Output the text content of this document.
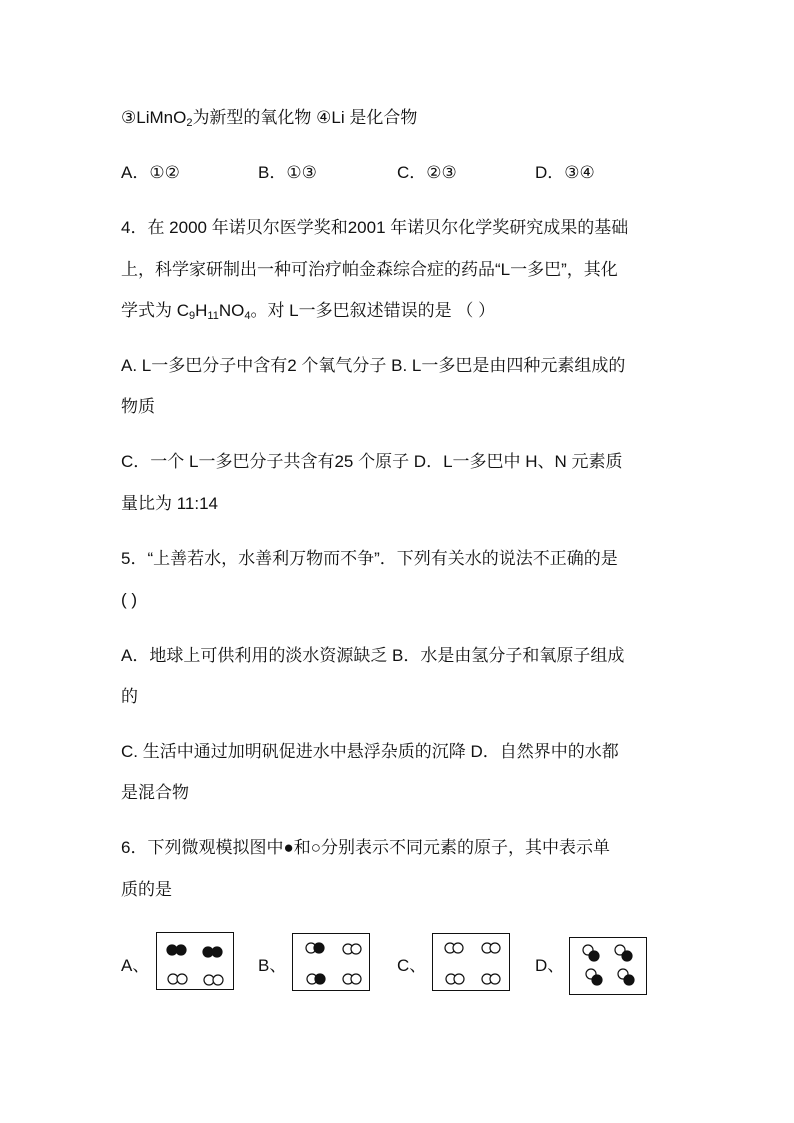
③LiMnO$_2$为新型的氧化物 ④Li 是化合物
A．①②	B．①③	C．②③	D．③④
4．在 2000 年诺贝尔医学奖和2001 年诺贝尔化学奖研究成果的基础
上，科学家研制出一种可治疗帕金森综合症的药品“L一多巴”，其化
学式为 $C_9H_{11}NO_4$。对 L一多巴叙述错误的是 （ ）
A. L一多巴分子中含有2 个氧气分子 B. L一多巴是由四种元素组成的
物质
C．一个 L一多巴分子共含有25 个原子 D．L一多巴中 H、N 元素质
量比为 11:14
5．“上善若水，水善利万物而不争”．下列有关水的说法不正确的是
( )
A．地球上可供利用的淡水资源缺乏 B．水是由氢分子和氧原子组成
的
C. 生活中通过加明矾促进水中悬浮杂质的沉降 D．自然界中的水都
是混合物
6．下列微观模拟图中●和○分别表示不同元素的原子，其中表示单
质的是
A、	B、	C、	D、
